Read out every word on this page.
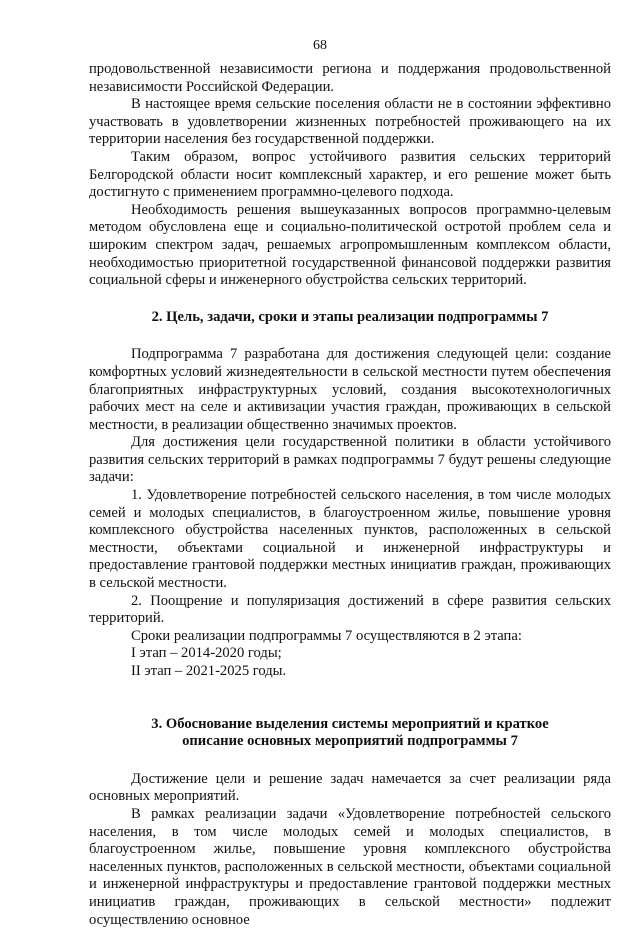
68

продовольственной независимости региона и поддержания продовольственной независимости Российской Федерации.

В настоящее время сельские поселения области не в состоянии эффективно участвовать в удовлетворении жизненных потребностей проживающего на их территории населения без государственной поддержки.

Таким образом, вопрос устойчивого развития сельских территорий Белгородской области носит комплексный характер, и его решение может быть достигнуто с применением программно-целевого подхода.

Необходимость решения вышеуказанных вопросов программно-целевым методом обусловлена еще и социально-политической остротой проблем села и широким спектром задач, решаемых агропромышленным комплексом области, необходимостью приоритетной государственной финансовой поддержки развития социальной сферы и инженерного обустройства сельских территорий.

2. Цель, задачи, сроки и этапы реализации подпрограммы 7

Подпрограмма 7 разработана для достижения следующей цели: создание комфортных условий жизнедеятельности в сельской местности путем обеспечения благоприятных инфраструктурных условий, создания высокотехнологичных рабочих мест на селе и активизации участия граждан, проживающих в сельской местности, в реализации общественно значимых проектов.

Для достижения цели государственной политики в области устойчивого развития сельских территорий в рамках подпрограммы 7 будут решены следующие задачи:

1. Удовлетворение потребностей сельского населения, в том числе молодых семей и молодых специалистов, в благоустроенном жилье, повышение уровня комплексного обустройства населенных пунктов, расположенных в сельской местности, объектами социальной и инженерной инфраструктуры и предоставление грантовой поддержки местных инициатив граждан, проживающих в сельской местности.

2. Поощрение и популяризация достижений в сфере развития сельских территорий.

Сроки реализации подпрограммы 7 осуществляются в 2 этапа:

I этап – 2014-2020 годы;

II этап – 2021-2025 годы.

3. Обоснование выделения системы мероприятий и краткое
описание основных мероприятий подпрограммы 7

Достижение цели и решение задач намечается за счет реализации ряда основных мероприятий.

В рамках реализации задачи «Удовлетворение потребностей сельского населения, в том числе молодых семей и молодых специалистов, в благоустроенном жилье, повышение уровня комплексного обустройства населенных пунктов, расположенных в сельской местности, объектами социальной и инженерной инфраструктуры и предоставление грантовой поддержки местных инициатив граждан, проживающих в сельской местности» подлежит осуществлению основное
